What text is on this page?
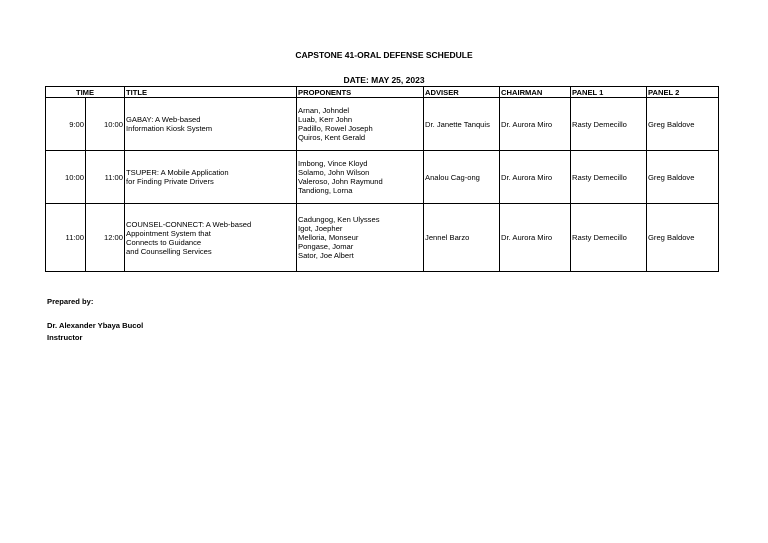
CAPSTONE 41-ORAL DEFENSE SCHEDULE
DATE: MAY 25, 2023
TIME		TITLE	PROPONENTS	ADVISER	CHAIRMAN	PANEL 1	PANEL 2
9:00	10:00	GABAY: A Web-based
Information Kiosk System	Arnan, Johndel
Luab, Kerr John
Padillo, Rowel Joseph
Quiros, Kent Gerald	Dr. Janette Tanquis	Dr. Aurora Miro	Rasty Demecillo	Greg Baldove
10:00	11:00	TSUPER: A Mobile Application
for Finding Private Drivers	Imbong, Vince Kloyd
Solamo, John Wilson
Valeroso, John Raymund
Tandiong, Lorna	Analou Cag-ong	Dr. Aurora Miro	Rasty Demecillo	Greg Baldove
11:00	12:00	COUNSEL-CONNECT: A Web-based
Appointment System that
Connects to Guidance
and Counselling Services	Cadungog, Ken Ulysses
Igot, Joepher
Melloria, Monseur
Pongase, Jomar
Sator, Joe Albert	Jennel Barzo	Dr. Aurora Miro	Rasty Demecillo	Greg Baldove
Prepared by:
Dr. Alexander Ybaya Bucol
Instructor
